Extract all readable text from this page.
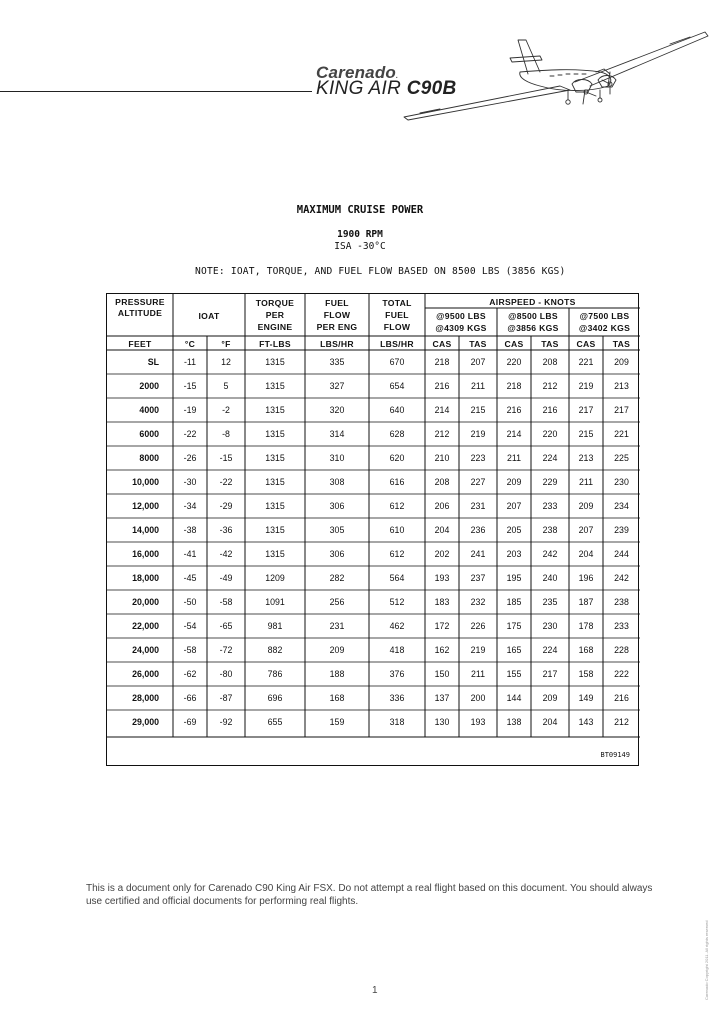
Carenado.
KING AIR C90B
MAXIMUM CRUISE POWER
1900 RPM
ISA -30°C
NOTE: IOAT, TORQUE, AND FUEL FLOW BASED ON 8500 LBS (3856 KGS)
PRESSURE
ALTITUDE	IOAT
TORQUE
PER
ENGINE
FUEL
FLOW
PER ENG
TOTAL
FUEL
FLOW
AIRSPEED - KNOTS
@9500 LBS
@4309 KGS
@8500 LBS
@3856 KGS
@7500 LBS
@3402 KGS
FEET	°C	°F	FT-LBS	LBS/HR	LBS/HR	CAS	TAS	CAS	TAS	CAS	TAS
SL	-11	12	1315	335	670	218	207	220	208	221	209
2000	-15	5	1315	327	654	216	211	218	212	219	213
4000	-19	-2	1315	320	640	214	215	216	216	217	217
6000	-22	-8	1315	314	628	212	219	214	220	215	221
8000	-26	-15	1315	310	620	210	223	211	224	213	225
10,000	-30	-22	1315	308	616	208	227	209	229	211	230
12,000	-34	-29	1315	306	612	206	231	207	233	209	234
14,000	-38	-36	1315	305	610	204	236	205	238	207	239
16,000	-41	-42	1315	306	612	202	241	203	242	204	244
18,000	-45	-49	1209	282	564	193	237	195	240	196	242
20,000	-50	-58	1091	256	512	183	232	185	235	187	238
22,000	-54	-65	981	231	462	172	226	175	230	178	233
24,000	-58	-72	882	209	418	162	219	165	224	168	228
26,000	-62	-80	786	188	376	150	211	155	217	158	222
28,000	-66	-87	696	168	336	137	200	144	209	149	216
29,000	-69	-92	655	159	318	130	193	138	204	143	212
BT09149
This is a document only for Carenado C90 King Air FSX. Do not attempt a real flight based on this document. You should always use certified and official documents for performing real flights.
1	Carenado Copyright 2011. All rights reserved
